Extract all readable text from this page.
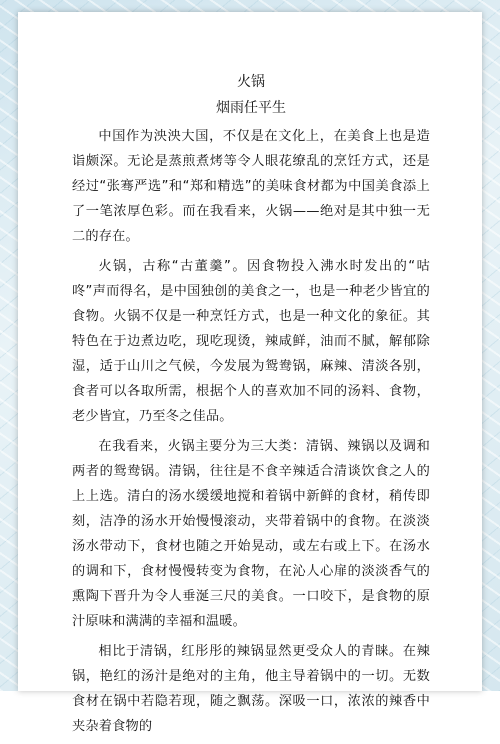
火锅

烟雨任平生

中国作为泱泱大国，不仅是在文化上，在美食上也是造诣颇深。无论是蒸煎煮烤等令人眼花缭乱的烹饪方式，还是经过“张骞严选”和“郑和精选”的美味食材都为中国美食添上了一笔浓厚色彩。而在我看来，火锅——绝对是其中独一无二的存在。

火锅，古称“古董羹”。因食物投入沸水时发出的“咕咚”声而得名，是中国独创的美食之一，也是一种老少皆宜的食物。火锅不仅是一种烹饪方式，也是一种文化的象征。其特色在于边煮边吃，现吃现烫，辣咸鲜，油而不腻，解郁除湿，适于山川之气候，今发展为鸳鸯锅，麻辣、清淡各别，食者可以各取所需，根据个人的喜欢加不同的汤料、食物，老少皆宜，乃至冬之佳品。

在我看来，火锅主要分为三大类：清锅、辣锅以及调和两者的鸳鸯锅。清锅，往往是不食辛辣适合清谈饮食之人的上上选。清白的汤水缓缓地搅和着锅中新鲜的食材，稍传即刻，洁净的汤水开始慢慢滚动，夹带着锅中的食物。在淡淡汤水带动下，食材也随之开始晃动，或左右或上下。在汤水的调和下，食材慢慢转变为食物，在沁人心扉的淡淡香气的熏陶下晋升为令人垂涎三尺的美食。一口咬下，是食物的原汁原味和满满的幸福和温暖。

相比于清锅，红彤彤的辣锅显然更受众人的青睐。在辣锅，艳红的汤汁是绝对的主角，他主导着锅中的一切。无数食材在锅中若隐若现，随之飘荡。深吸一口，浓浓的辣香中夹杂着食物的
